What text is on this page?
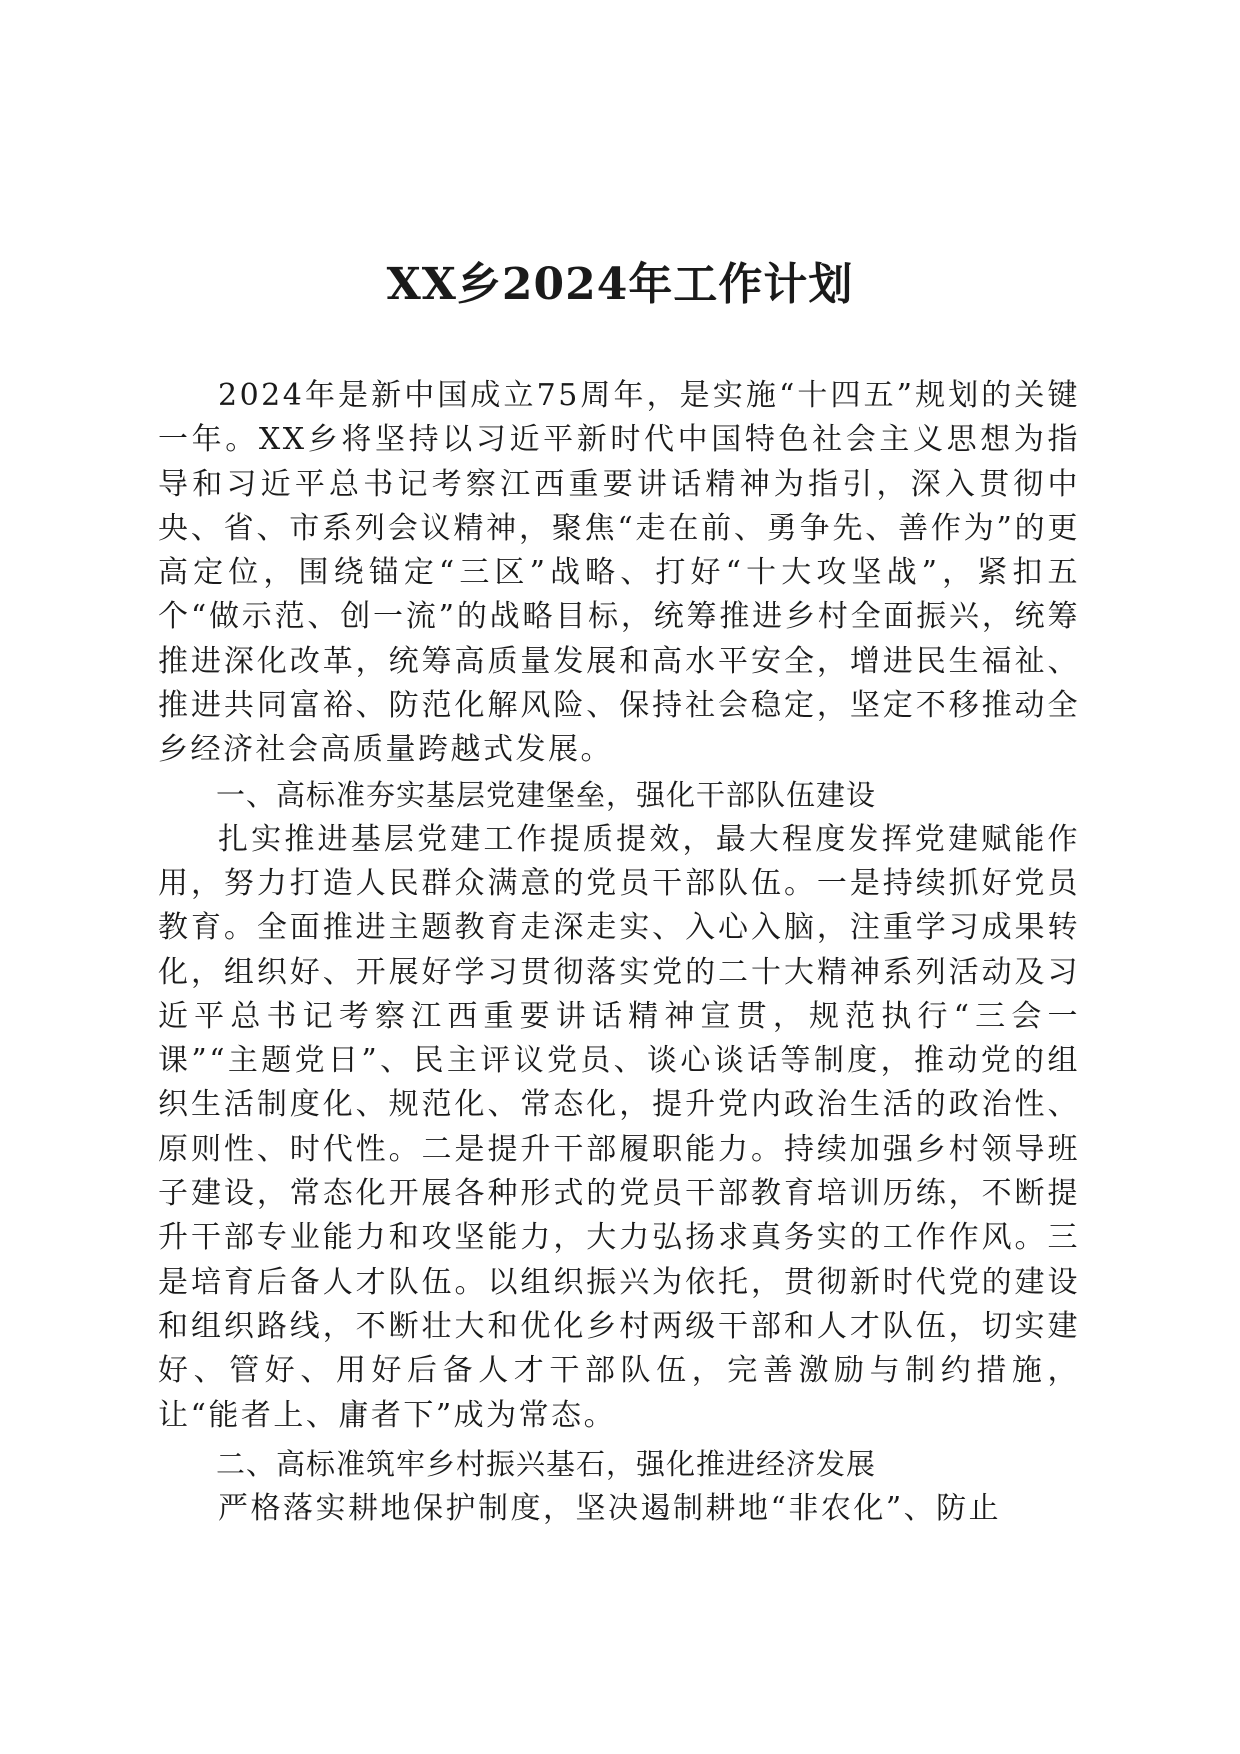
XX乡2024年工作计划

2024年是新中国成立75周年，是实施“十四五”规划的关键一年。XX乡将坚持以习近平新时代中国特色社会主义思想为指导和习近平总书记考察江西重要讲话精神为指引，深入贯彻中央、省、市系列会议精神，聚焦“走在前、勇争先、善作为”的更高定位，围绕锚定“三区”战略、打好“十大攻坚战”，紧扣五个“做示范、创一流”的战略目标，统筹推进乡村全面振兴，统筹推进深化改革，统筹高质量发展和高水平安全，增进民生福祉、推进共同富裕、防范化解风险、保持社会稳定，坚定不移推动全乡经济社会高质量跨越式发展。

一、高标准夯实基层党建堡垒，强化干部队伍建设

扎实推进基层党建工作提质提效，最大程度发挥党建赋能作用，努力打造人民群众满意的党员干部队伍。一是持续抓好党员教育。全面推进主题教育走深走实、入心入脑，注重学习成果转化，组织好、开展好学习贯彻落实党的二十大精神系列活动及习近平总书记考察江西重要讲话精神宣贯，规范执行“三会一课”“主题党日”、民主评议党员、谈心谈话等制度，推动党的组织生活制度化、规范化、常态化，提升党内政治生活的政治性、原则性、时代性。二是提升干部履职能力。持续加强乡村领导班子建设，常态化开展各种形式的党员干部教育培训历练，不断提升干部专业能力和攻坚能力，大力弘扬求真务实的工作作风。三是培育后备人才队伍。以组织振兴为依托，贯彻新时代党的建设和组织路线，不断壮大和优化乡村两级干部和人才队伍，切实建好、管好、用好后备人才干部队伍，完善激励与制约措施，让“能者上、庸者下”成为常态。

二、高标准筑牢乡村振兴基石，强化推进经济发展

严格落实耕地保护制度，坚决遏制耕地“非农化”、防止
